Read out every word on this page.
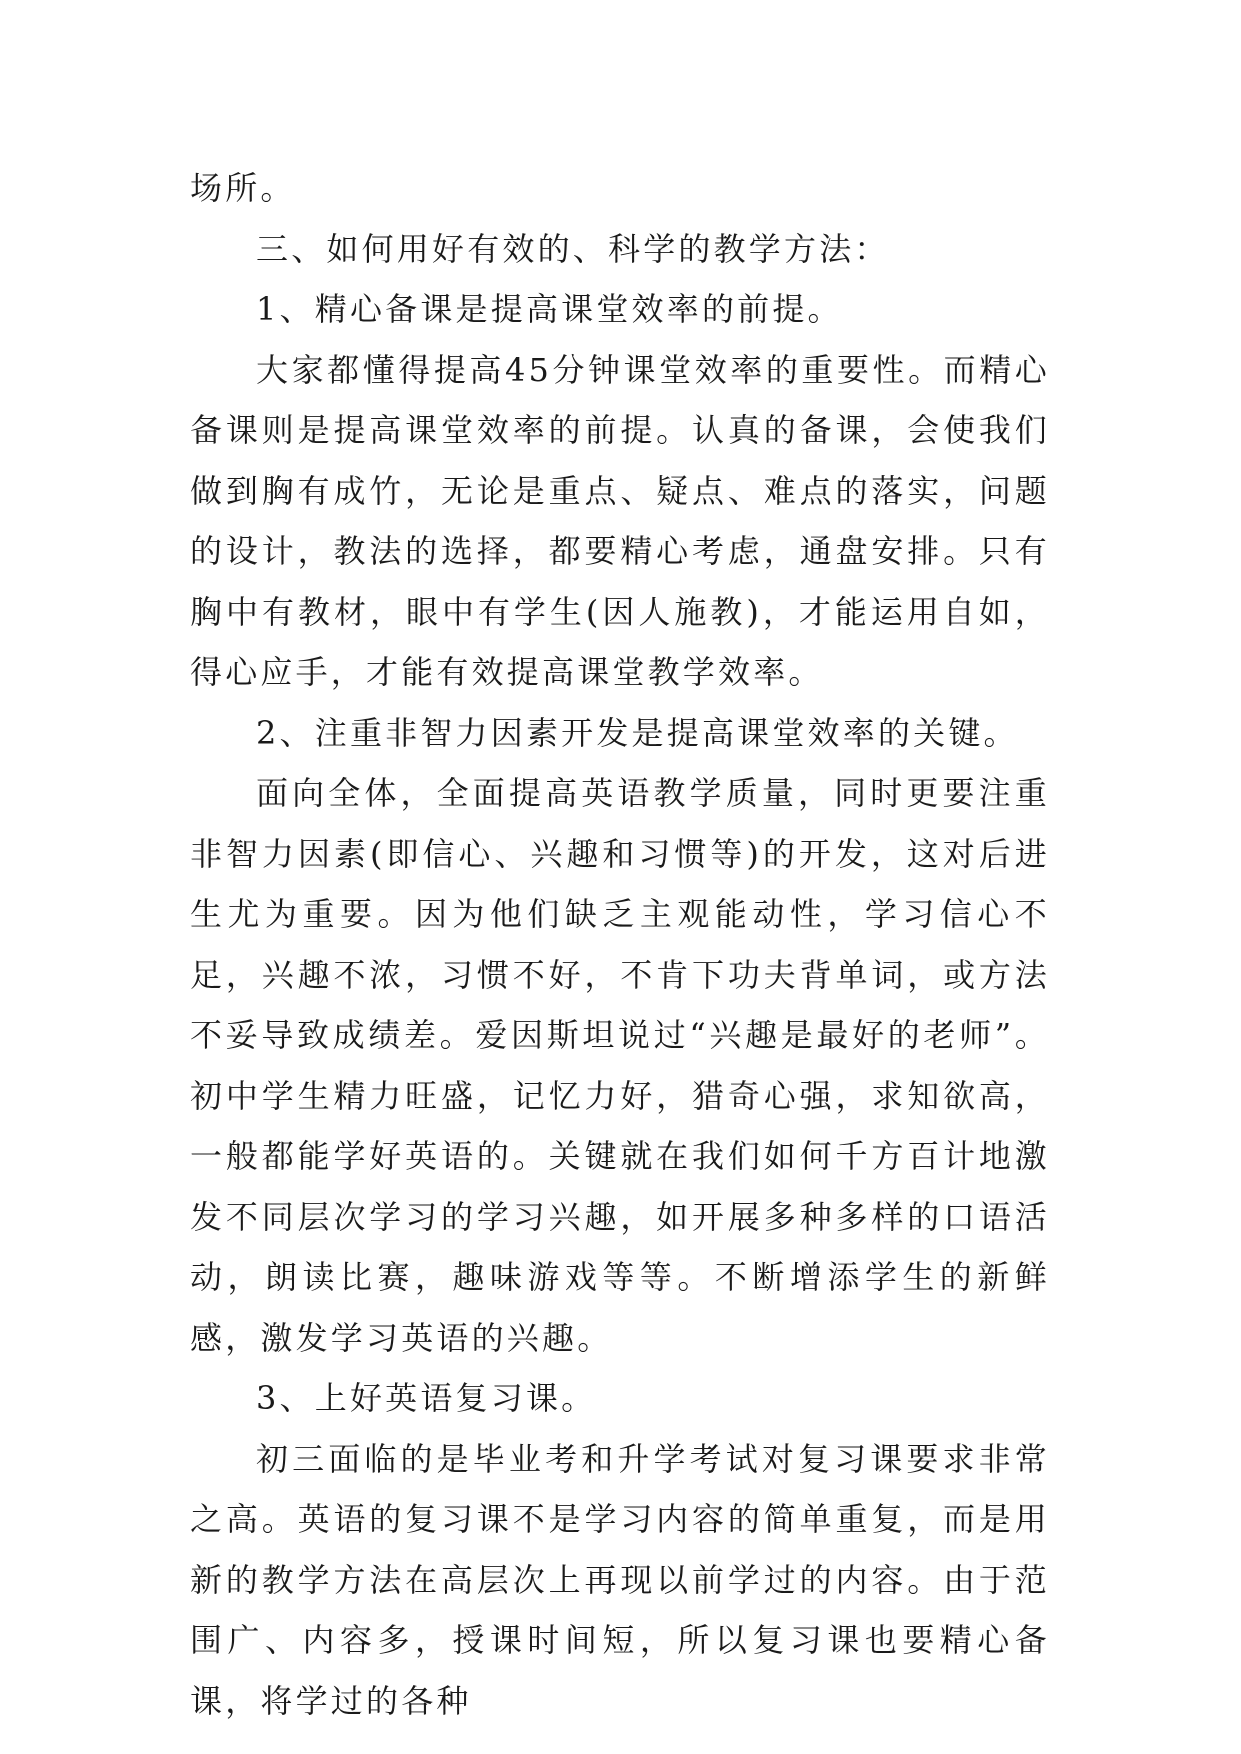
场所。

三、如何用好有效的、科学的教学方法：

1、精心备课是提高课堂效率的前提。

大家都懂得提高45分钟课堂效率的重要性。而精心备课则是提高课堂效率的前提。认真的备课，会使我们做到胸有成竹，无论是重点、疑点、难点的落实，问题的设计，教法的选择，都要精心考虑，通盘安排。只有胸中有教材，眼中有学生(因人施教)，才能运用自如，得心应手，才能有效提高课堂教学效率。

2、注重非智力因素开发是提高课堂效率的关键。

面向全体，全面提高英语教学质量，同时更要注重非智力因素(即信心、兴趣和习惯等)的开发，这对后进生尤为重要。因为他们缺乏主观能动性，学习信心不足，兴趣不浓，习惯不好，不肯下功夫背单词，或方法不妥导致成绩差。爱因斯坦说过“兴趣是最好的老师”。初中学生精力旺盛，记忆力好，猎奇心强，求知欲高，一般都能学好英语的。关键就在我们如何千方百计地激发不同层次学习的学习兴趣，如开展多种多样的口语活动，朗读比赛，趣味游戏等等。不断增添学生的新鲜感，激发学习英语的兴趣。

3、上好英语复习课。

初三面临的是毕业考和升学考试对复习课要求非常之高。英语的复习课不是学习内容的简单重复，而是用新的教学方法在高层次上再现以前学过的内容。由于范围广、内容多，授课时间短，所以复习课也要精心备课，将学过的各种
